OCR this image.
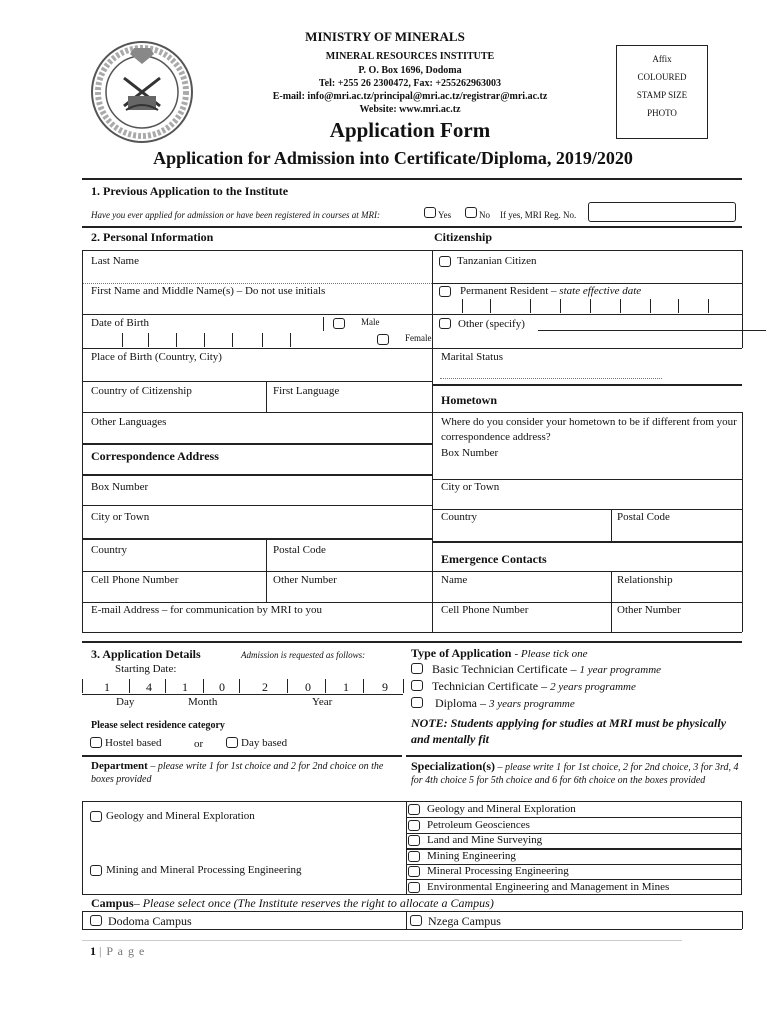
MINISTRY OF MINERALS
MINERAL RESOURCES INSTITUTE
P. O. Box 1696, Dodoma
Tel: +255 26 2300472, Fax: +255262963003
E-mail: info@mri.ac.tz/principal@mri.ac.tz/registrar@mri.ac.tz
Website: www.mri.ac.tz
Application Form
Application for Admission into Certificate/Diploma, 2019/2020
Affix
COLOURED
STAMP SIZE
PHOTO
1. Previous Application to the Institute
Have you ever applied for admission or have been registered in courses at MRI:	Yes	No If yes, MRI Reg. No.
2. Personal Information	Citizenship
Last Name
First Name and Middle Name(s) – Do not use initials
Date of Birth	Male
Female
Place of Birth (Country, City)
Country of Citizenship	First Language
Other Languages
Correspondence Address
Box Number
City or Town
Country	Postal Code
Cell Phone Number	Other Number
E-mail Address – for communication by MRI to you
Tanzanian Citizen
Permanent Resident – state effective date
Other (specify)
Marital Status
Hometown
Where do you consider your hometown to be if different from your correspondence address?
Box Number
City or Town
Country	Postal Code
Emergence Contacts
Name	Relationship
Cell Phone Number	Other Number
3. Application Details	Admission is requested as follows:
Starting Date:
1	4	1	0	2	0	1	9
Day	Month	Year
Please select residence category
Hostel based	or	Day based
Type of Application - Please tick one
Basic Technician Certificate – 1 year programme
Technician Certificate – 2 years programme
Diploma – 3 years programme
NOTE: Students applying for studies at MRI must be physically and mentally fit
Department – please write 1 for 1st choice and 2 for 2nd choice on the boxes provided
Specialization(s) – please write 1 for 1st choice, 2 for 2nd choice, 3 for 3rd, 4 for 4th choice 5 for 5th choice and 6 for 6th choice on the boxes provided
Geology and Mineral Exploration
Mining and Mineral Processing Engineering
Geology and Mineral Exploration
Petroleum Geosciences
Land and Mine Surveying
Mining Engineering
Mineral Processing Engineering
Environmental Engineering and Management in Mines
Campus– Please select once (The Institute reserves the right to allocate a Campus)
Dodoma Campus	Nzega Campus
1 | P a g e
